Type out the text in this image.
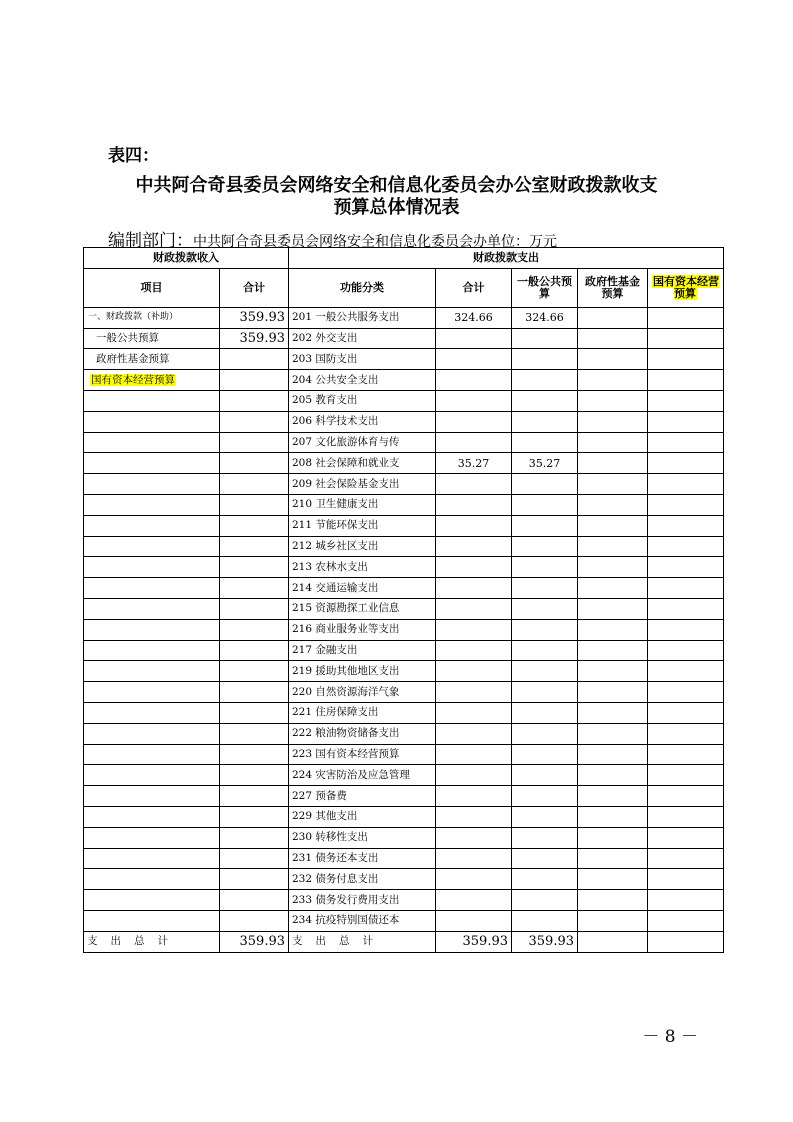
表四：
中共阿合奇县委员会网络安全和信息化委员会办公室财政拨款收支
预算总体情况表
编制部门：中共阿合奇县委员会网络安全和信息化委员会办单位：万元
财政拨款收入		财政拨款支出				
项目	合计	功能分类	合计	一般公共预算	政府性基金预算	国有资本经营预算
一、财政拨款（补助）	359.93	201 一般公共服务支出	324.66	324.66		
一般公共预算	359.93	202 外交支出				
政府性基金预算		203 国防支出				
国有资本经营预算		204 公共安全支出				
		205 教育支出				
		206 科学技术支出				
		207 文化旅游体育与传				
		208 社会保障和就业支	35.27	35.27		
		209 社会保险基金支出				
		210 卫生健康支出				
		211 节能环保支出				
		212 城乡社区支出				
		213 农林水支出				
		214 交通运输支出				
		215 资源勘探工业信息				
		216 商业服务业等支出				
		217 金融支出				
		219 援助其他地区支出				
		220 自然资源海洋气象				
		221 住房保障支出				
		222 粮油物资储备支出				
		223 国有资本经营预算				
		224 灾害防治及应急管理				
		227 预备费				
		229 其他支出				
		230 转移性支出				
		231 债务还本支出				
		232 债务付息支出				
		233 债务发行费用支出				
		234 抗疫特别国债还本				
支出总计	359.93	支出总计	359.93	359.93		
－ 8 －
